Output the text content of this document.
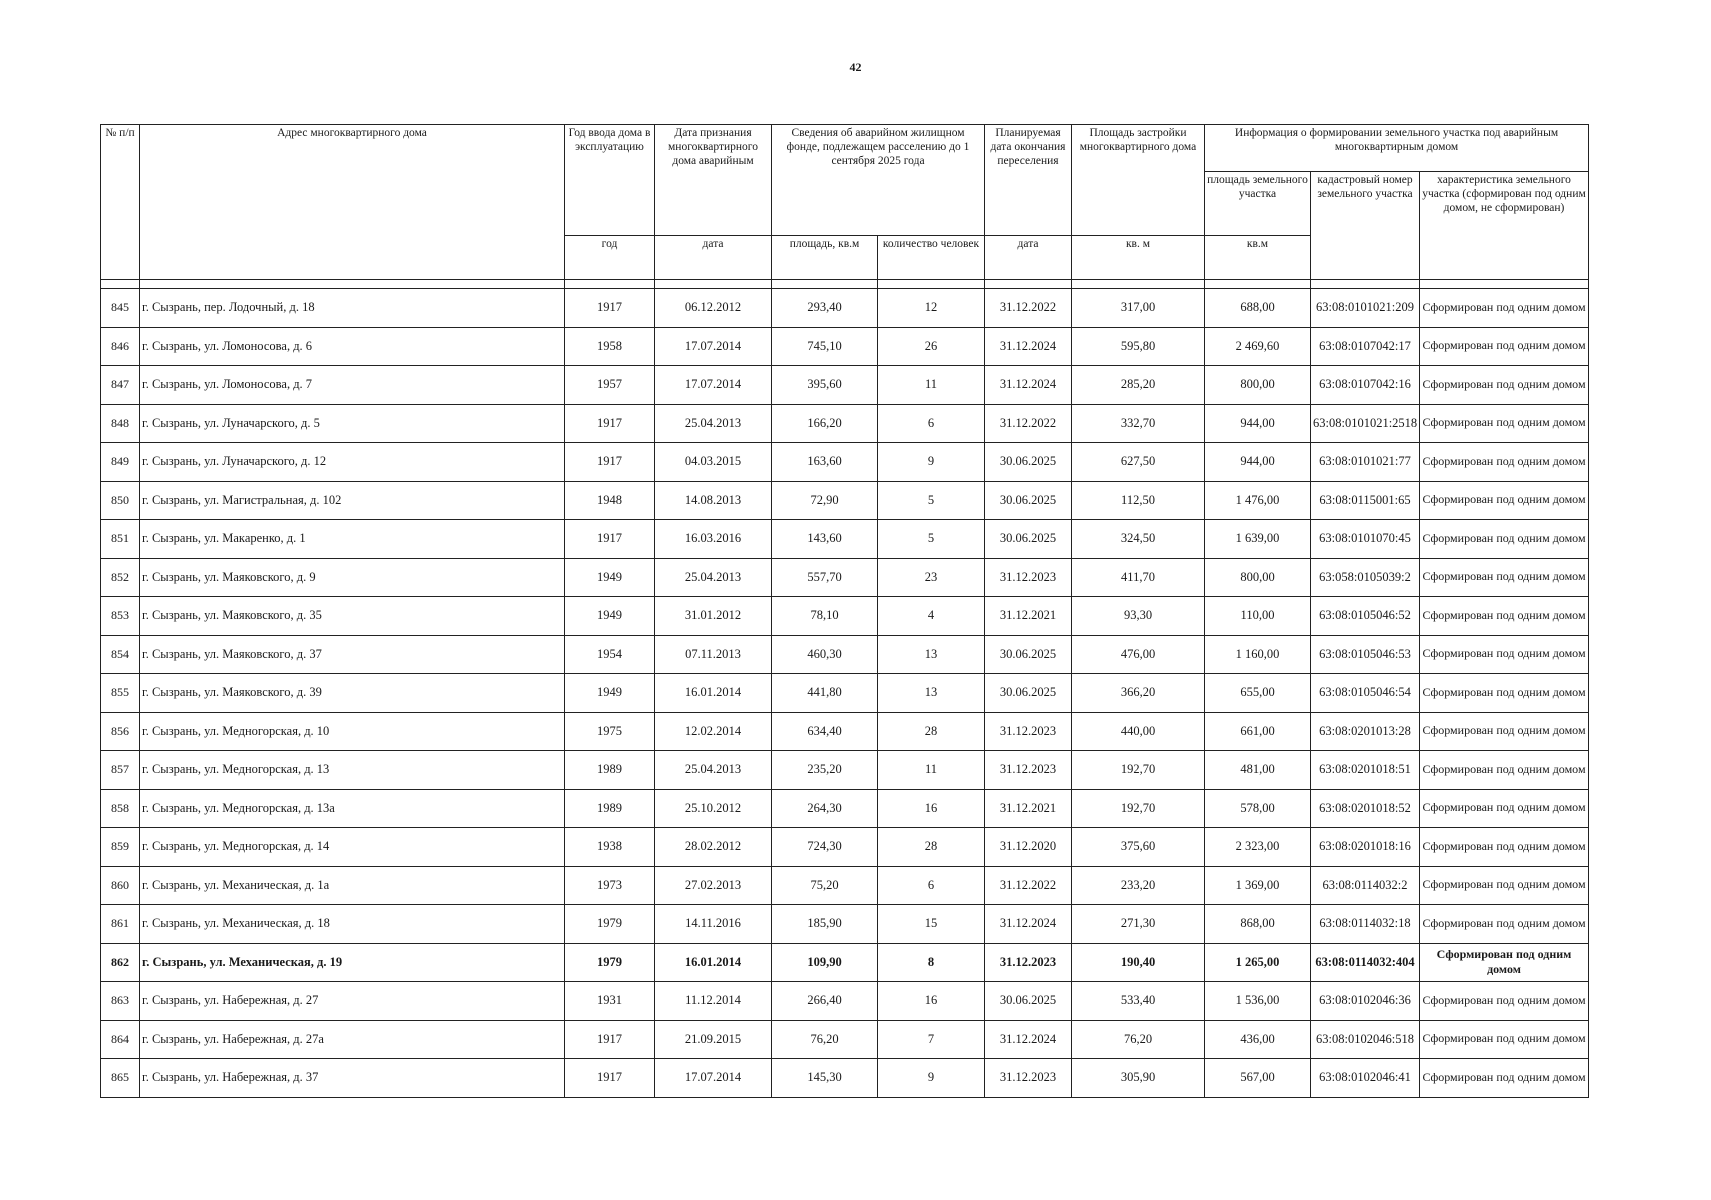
42
№ п/п	Адрес многоквартирного дома	Год ввода дома в эксплуатацию	Дата признания многоквартирного дома аварийным	Сведения об аварийном жилищном фонде, подлежащем расселению до 1 сентября 2025 года		Планируемая дата окончания переселения	Площадь застройки многоквартирного дома	Информация о формировании земельного участка под аварийным многоквартирным домом		
								площадь земельного участка	кадастровый номер земельного участка	характеристика земельного участка (сформирован под одним домом, не сформирован)
		год	дата	площадь, кв.м	количество человек	дата	кв. м	кв.м		

845	г. Сызрань, пер. Лодочный, д. 18	1917	06.12.2012	293,40	12	31.12.2022	317,00	688,00	63:08:0101021:209	Сформирован под одним домом
846	г. Сызрань, ул. Ломоносова, д. 6	1958	17.07.2014	745,10	26	31.12.2024	595,80	2 469,60	63:08:0107042:17	Сформирован под одним домом
847	г. Сызрань, ул. Ломоносова, д. 7	1957	17.07.2014	395,60	11	31.12.2024	285,20	800,00	63:08:0107042:16	Сформирован под одним домом
848	г. Сызрань, ул. Луначарского, д. 5	1917	25.04.2013	166,20	6	31.12.2022	332,70	944,00	63:08:0101021:2518	Сформирован под одним домом
849	г. Сызрань, ул. Луначарского, д. 12	1917	04.03.2015	163,60	9	30.06.2025	627,50	944,00	63:08:0101021:77	Сформирован под одним домом
850	г. Сызрань, ул. Магистральная, д. 102	1948	14.08.2013	72,90	5	30.06.2025	112,50	1 476,00	63:08:0115001:65	Сформирован под одним домом
851	г. Сызрань, ул. Макаренко, д. 1	1917	16.03.2016	143,60	5	30.06.2025	324,50	1 639,00	63:08:0101070:45	Сформирован под одним домом
852	г. Сызрань, ул. Маяковского, д. 9	1949	25.04.2013	557,70	23	31.12.2023	411,70	800,00	63:058:0105039:2	Сформирован под одним домом
853	г. Сызрань, ул. Маяковского, д. 35	1949	31.01.2012	78,10	4	31.12.2021	93,30	110,00	63:08:0105046:52	Сформирован под одним домом
854	г. Сызрань, ул. Маяковского, д. 37	1954	07.11.2013	460,30	13	30.06.2025	476,00	1 160,00	63:08:0105046:53	Сформирован под одним домом
855	г. Сызрань, ул. Маяковского, д. 39	1949	16.01.2014	441,80	13	30.06.2025	366,20	655,00	63:08:0105046:54	Сформирован под одним домом
856	г. Сызрань, ул. Медногорская, д. 10	1975	12.02.2014	634,40	28	31.12.2023	440,00	661,00	63:08:0201013:28	Сформирован под одним домом
857	г. Сызрань, ул. Медногорская, д. 13	1989	25.04.2013	235,20	11	31.12.2023	192,70	481,00	63:08:0201018:51	Сформирован под одним домом
858	г. Сызрань, ул. Медногорская, д. 13а	1989	25.10.2012	264,30	16	31.12.2021	192,70	578,00	63:08:0201018:52	Сформирован под одним домом
859	г. Сызрань, ул. Медногорская, д. 14	1938	28.02.2012	724,30	28	31.12.2020	375,60	2 323,00	63:08:0201018:16	Сформирован под одним домом
860	г. Сызрань, ул. Механическая, д. 1а	1973	27.02.2013	75,20	6	31.12.2022	233,20	1 369,00	63:08:0114032:2	Сформирован под одним домом
861	г. Сызрань, ул. Механическая, д. 18	1979	14.11.2016	185,90	15	31.12.2024	271,30	868,00	63:08:0114032:18	Сформирован под одним домом
862	г. Сызрань, ул. Механическая, д. 19	1979	16.01.2014	109,90	8	31.12.2023	190,40	1 265,00	63:08:0114032:404	Сформирован под одним домом
863	г. Сызрань, ул. Набережная, д. 27	1931	11.12.2014	266,40	16	30.06.2025	533,40	1 536,00	63:08:0102046:36	Сформирован под одним домом
864	г. Сызрань, ул. Набережная, д. 27а	1917	21.09.2015	76,20	7	31.12.2024	76,20	436,00	63:08:0102046:518	Сформирован под одним домом
865	г. Сызрань, ул. Набережная, д. 37	1917	17.07.2014	145,30	9	31.12.2023	305,90	567,00	63:08:0102046:41	Сформирован под одним домом
